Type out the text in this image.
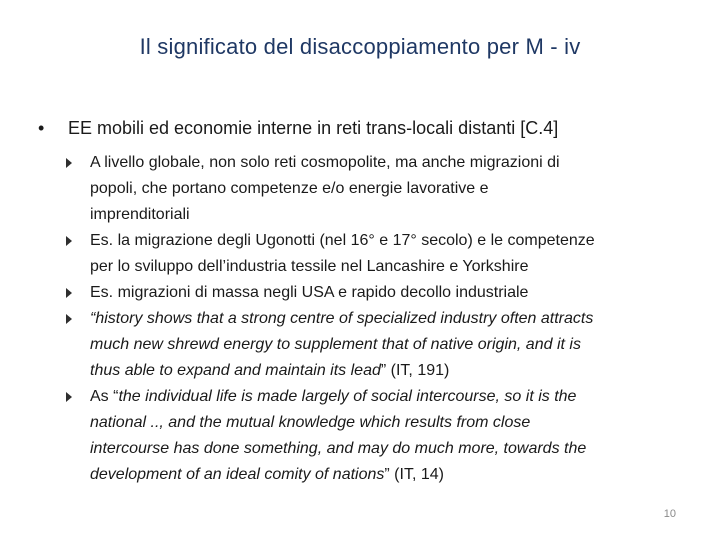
Il significato del disaccoppiamento per M - iv
• EE mobili ed economie interne in reti trans-locali distanti [C.4]

A livello globale, non solo reti cosmopolite, ma anche migrazioni di

popoli, che portano competenze e/o energie lavorative e

imprenditoriali

Es. la migrazione degli Ugonotti (nel 16° e 17° secolo) e le competenze

per lo sviluppo dell’industria tessile nel Lancashire e Yorkshire

Es. migrazioni di massa negli USA e rapido decollo industriale

“history shows that a strong centre of specialized industry often attracts

much new shrewd energy to supplement that of native origin, and it is

thus able to expand and maintain its lead” (IT, 191)

As “the individual life is made largely of social intercourse, so it is the

national .., and the mutual knowledge which results from close

intercourse has done something, and may do much more, towards the

development of an ideal comity of nations” (IT, 14)

10
